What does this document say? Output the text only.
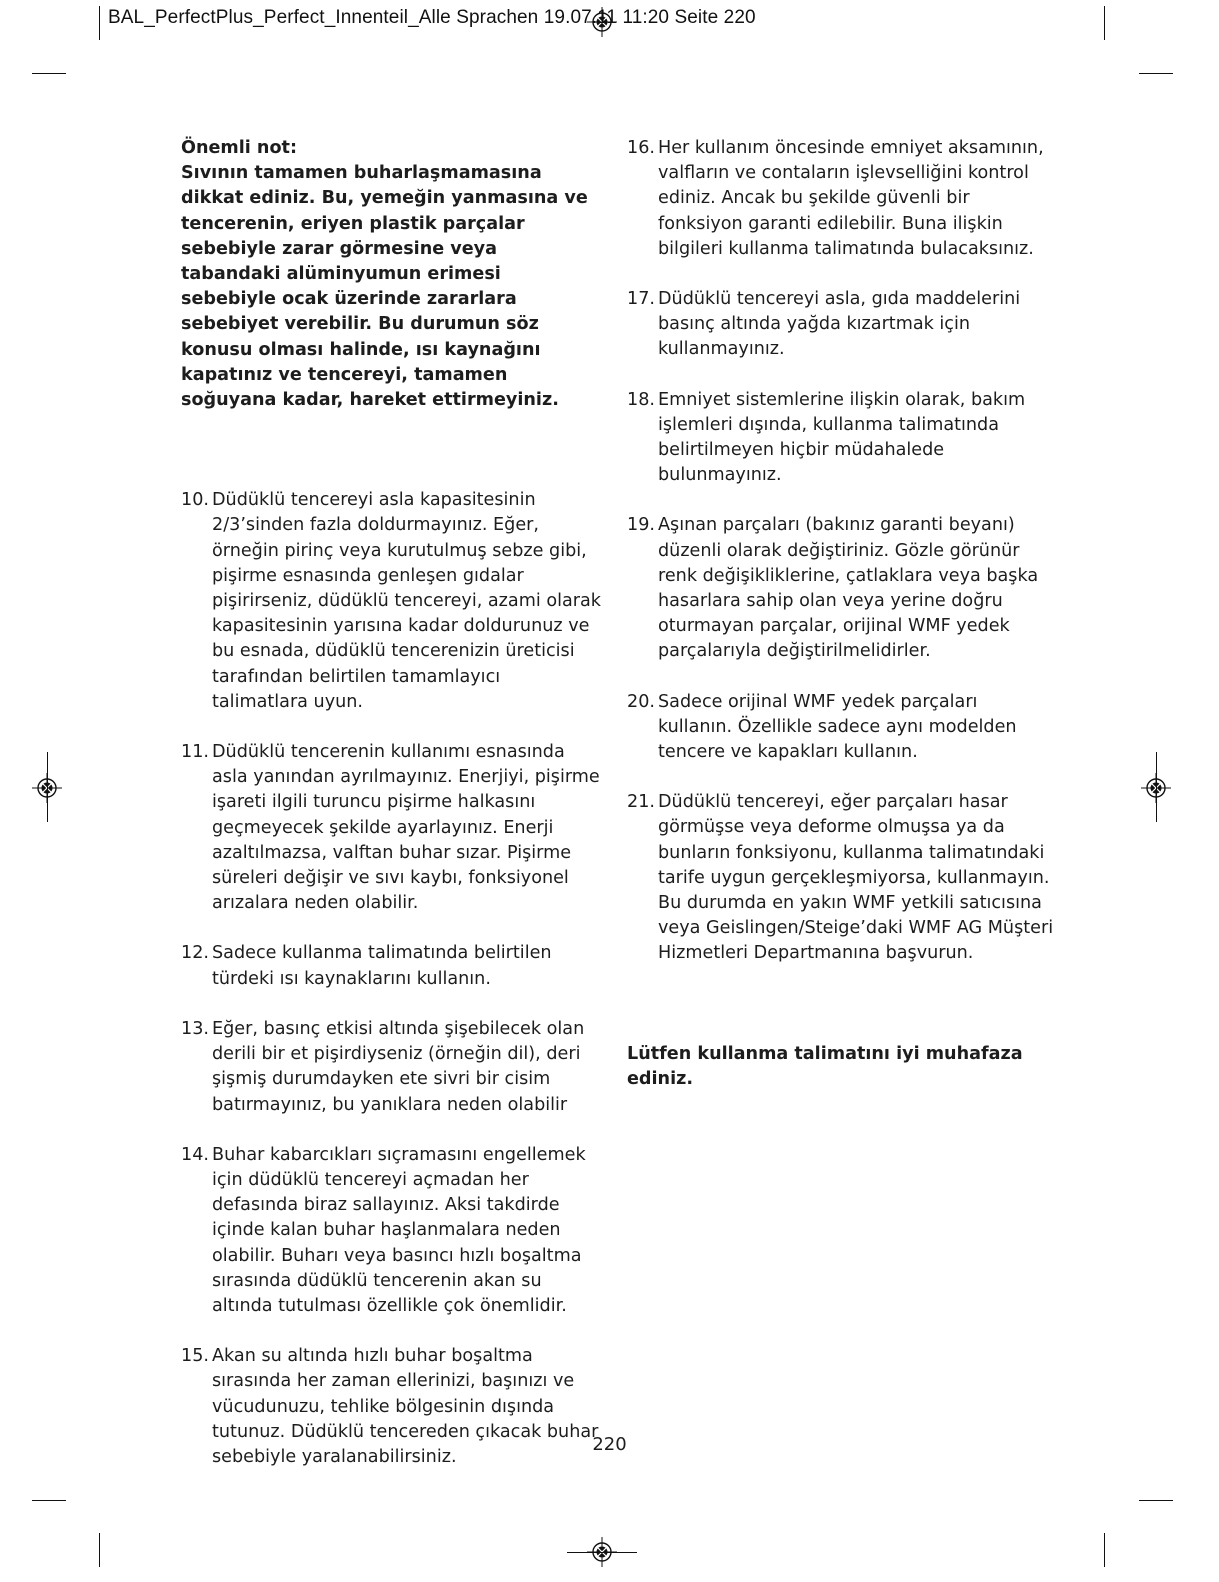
BAL_PerfectPlus_Perfect_Innenteil_Alle Sprachen 19.07.11 11:20 Seite 220

Önemli not:

Sıvının tamamen buharlaşmamasına dikkat ediniz. Bu, yemeğin yanmasına ve tencerenin, eriyen plastik parçalar sebebiyle zarar görmesine veya tabandaki alüminyumun erimesi sebebiyle ocak üzerinde zararlara sebebiyet verebilir. Bu durumun söz konusu olması halinde, ısı kaynağını kapatınız ve tencereyi, tamamen soğuyana kadar, hareket ettirmeyiniz.

10. Düdüklü tencereyi asla kapasitesinin 2/3’sinden fazla doldurmayınız. Eğer, örneğin pirinç veya kurutulmuş sebze gibi, pişirme esnasında genleşen gıdalar pişirirseniz, düdüklü tencereyi, azami olarak kapasitesinin yarısına kadar doldurunuz ve bu esnada, düdüklü tencerenizin üreticisi tarafından belirtilen tamamlayıcı talimatlara uyun.
11. Düdüklü tencerenin kullanımı esnasında asla yanından ayrılmayınız. Enerjiyi, pişirme işareti ilgili turuncu pişirme halkasını geçmeyecek şekilde ayarlayınız. Enerji azaltılmazsa, valftan buhar sızar. Pişirme süreleri değişir ve sıvı kaybı, fonksiyonel arızalara neden olabilir.
12. Sadece kullanma talimatında belirtilen türdeki ısı kaynaklarını kullanın.
13. Eğer, basınç etkisi altında şişebilecek olan derili bir et pişirdiyseniz (örneğin dil), deri şişmiş durumdayken ete sivri bir cisim batırmayınız, bu yanıklara neden olabilir
14. Buhar kabarcıkları sıçramasını engellemek için düdüklü tencereyi açmadan her defasında biraz sallayınız. Aksi takdirde içinde kalan buhar haşlanmalara neden olabilir. Buharı veya basıncı hızlı boşaltma sırasında düdüklü tencerenin akan su altında tutulması özellikle çok önemlidir.
15. Akan su altında hızlı buhar boşaltma sırasında her zaman ellerinizi, başınızı ve vücudunuzu, tehlike bölgesinin dışında tutunuz. Düdüklü tencereden çıkacak buhar sebebiyle yaralanabilirsiniz.
16. Her kullanım öncesinde emniyet aksamının, valfların ve contaların işlevselliğini kontrol ediniz. Ancak bu şekilde güvenli bir fonksiyon garanti edilebilir. Buna ilişkin bilgileri kullanma talimatında bulacaksınız.
17. Düdüklü tencereyi asla, gıda maddelerini basınç altında yağda kızartmak için kullanmayınız.
18. Emniyet sistemlerine ilişkin olarak, bakım işlemleri dışında, kullanma talimatında belirtilmeyen hiçbir müdahalede bulunmayınız.
19. Aşınan parçaları (bakınız garanti beyanı) düzenli olarak değiştiriniz. Gözle görünür renk değişikliklerine, çatlaklara veya başka hasarlara sahip olan veya yerine doğru oturmayan parçalar, orijinal WMF yedek parçalarıyla değiştirilmelidirler.
20. Sadece orijinal WMF yedek parçaları kullanın. Özellikle sadece aynı modelden tencere ve kapakları kullanın.
21. Düdüklü tencereyi, eğer parçaları hasar görmüşse veya deforme olmuşsa ya da bunların fonksiyonu, kullanma talimatındaki tarife uygun gerçekleşmiyorsa, kullanmayın. Bu durumda en yakın WMF yetkili satıcısına veya Geislingen/Steige’daki WMF AG Müşteri Hizmetleri Departmanına başvurun.

Lütfen kullanma talimatını iyi muhafaza ediniz.

220
